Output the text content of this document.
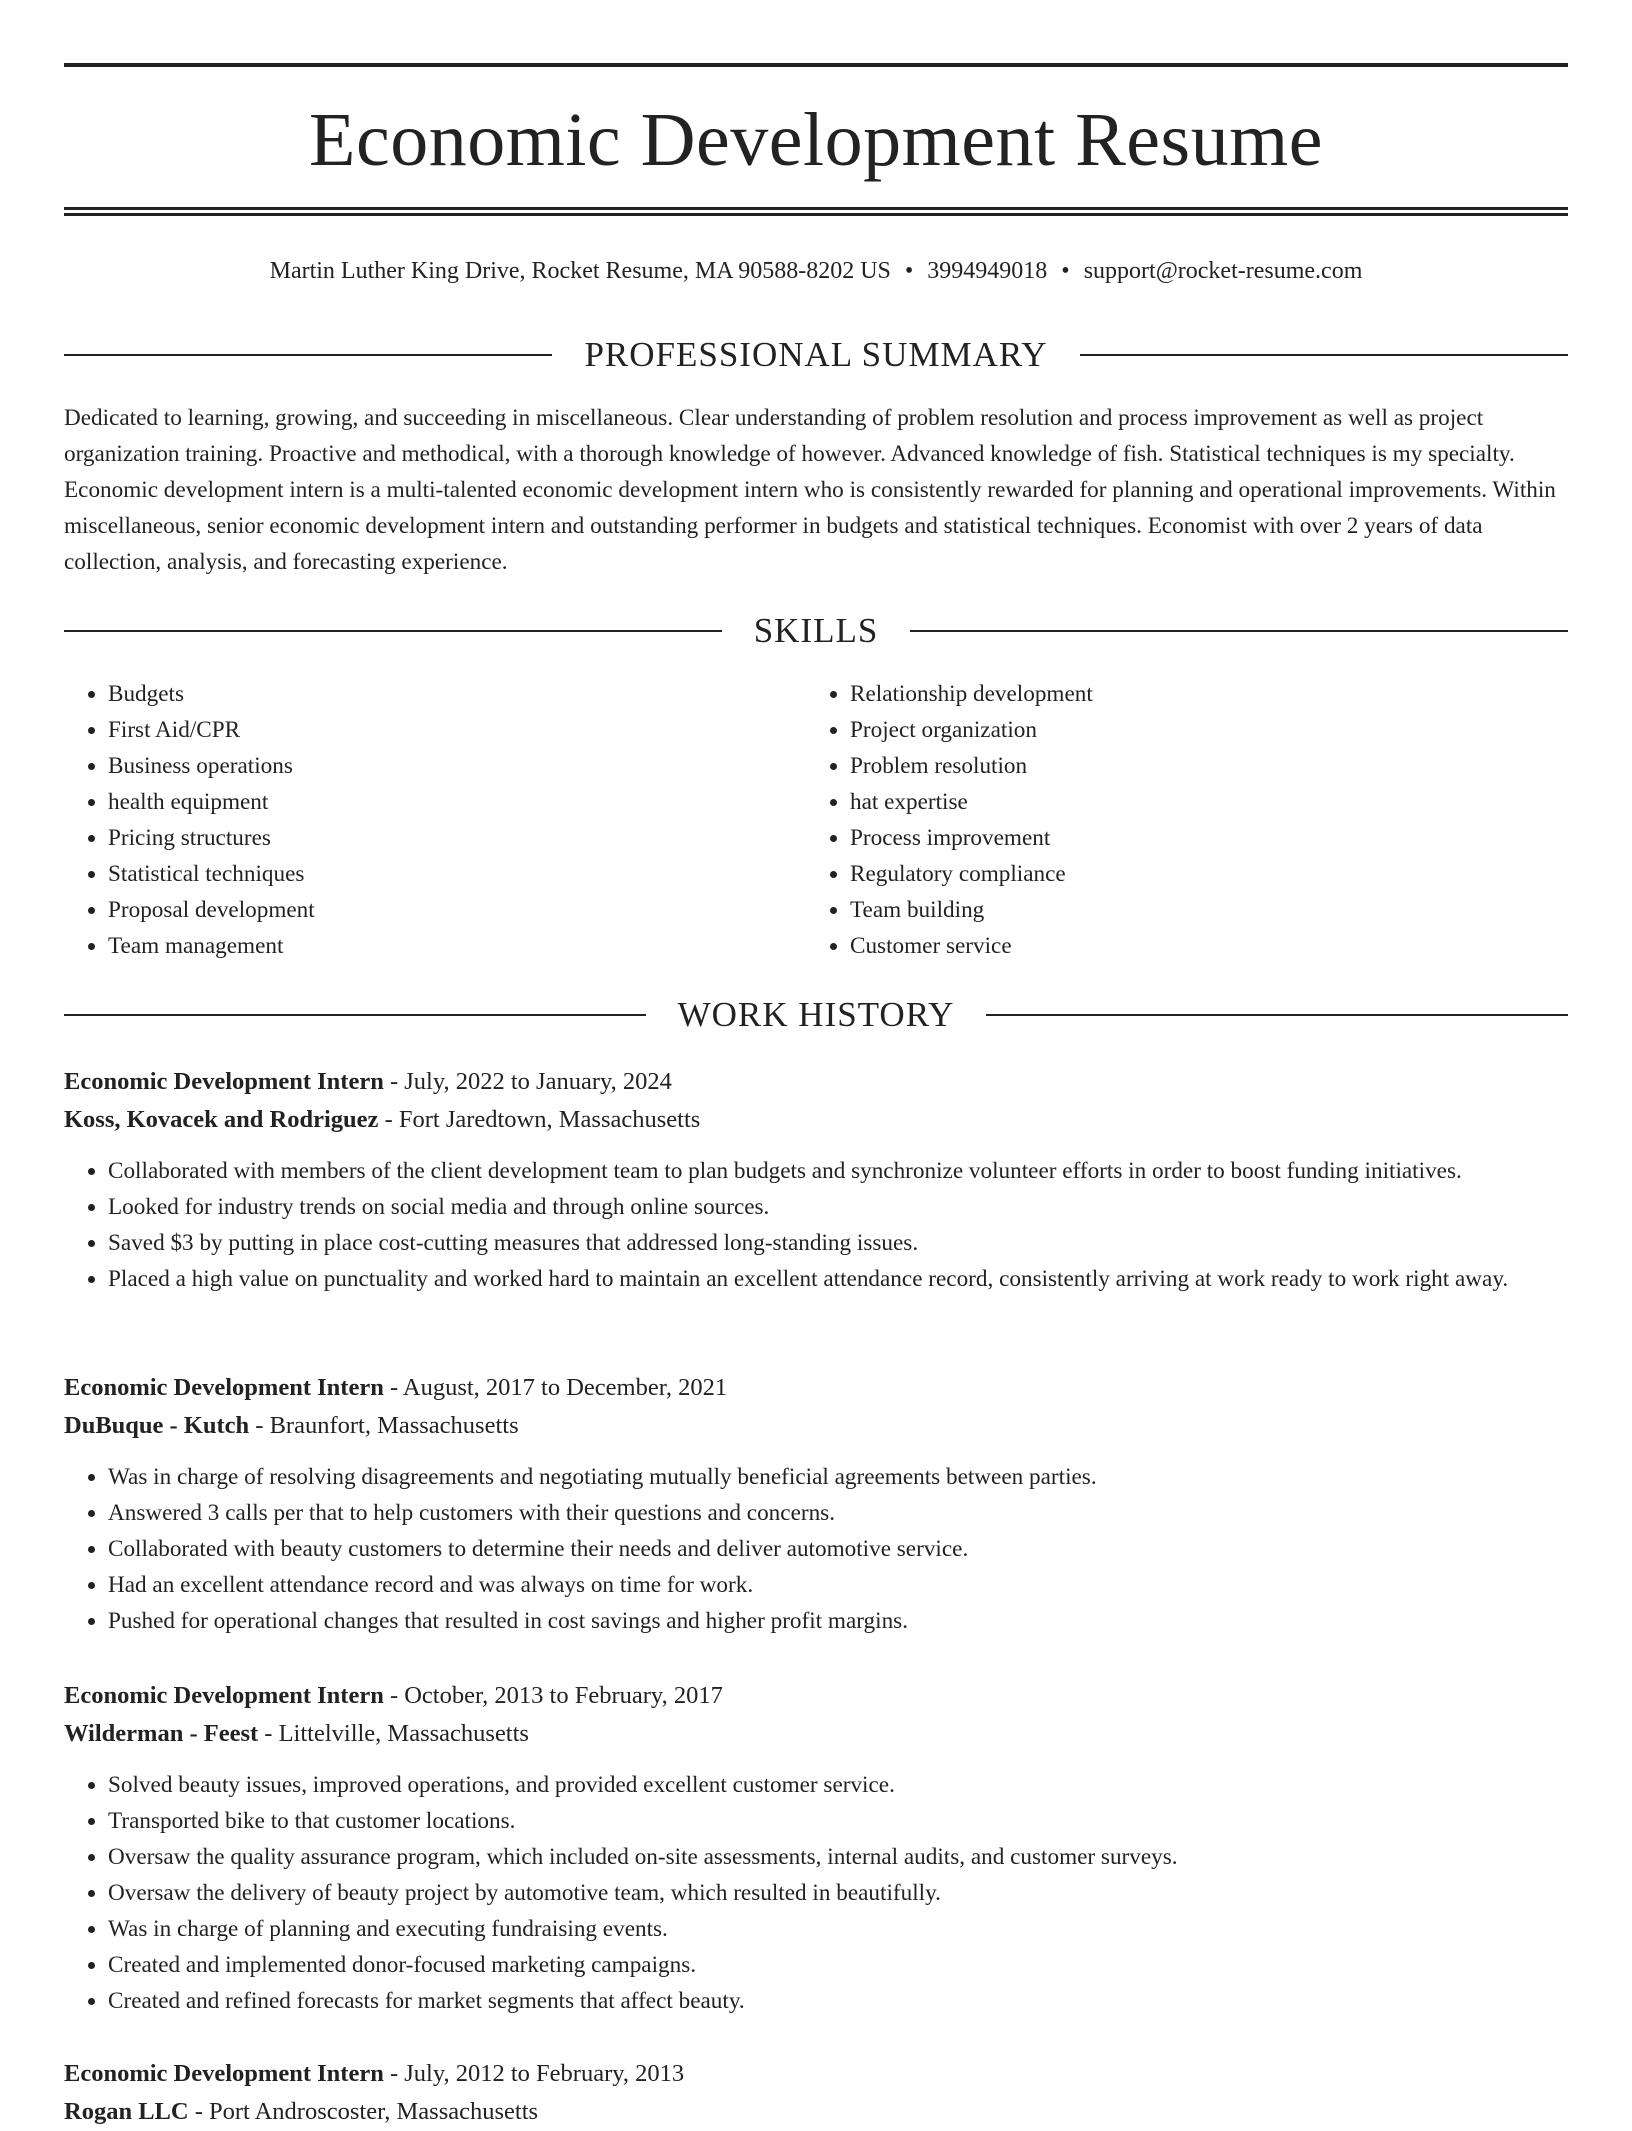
Economic Development Resume
Martin Luther King Drive, Rocket Resume, MA 90588-8202 US • 3994949018 • support@rocket-resume.com
PROFESSIONAL SUMMARY

Dedicated to learning, growing, and succeeding in miscellaneous. Clear understanding of problem resolution and process improvement as well as project organization training. Proactive and methodical, with a thorough knowledge of however. Advanced knowledge of fish. Statistical techniques is my specialty. Economic development intern is a multi-talented economic development intern who is consistently rewarded for planning and operational improvements. Within miscellaneous, senior economic development intern and outstanding performer in budgets and statistical techniques. Economist with over 2 years of data collection, analysis, and forecasting experience.

SKILLS
• Budgets
• First Aid/CPR
• Business operations
• health equipment
• Pricing structures
• Statistical techniques
• Proposal development
• Team management
• Relationship development
• Project organization
• Problem resolution
• hat expertise
• Process improvement
• Regulatory compliance
• Team building
• Customer service
WORK HISTORY
Economic Development Intern - July, 2022 to January, 2024
Koss, Kovacek and Rodriguez - Fort Jaredtown, Massachusetts
• Collaborated with members of the client development team to plan budgets and synchronize volunteer efforts in order to boost funding initiatives.
• Looked for industry trends on social media and through online sources.
• Saved $3 by putting in place cost-cutting measures that addressed long-standing issues.
• Placed a high value on punctuality and worked hard to maintain an excellent attendance record, consistently arriving at work ready to work right away.
Economic Development Intern - August, 2017 to December, 2021
DuBuque - Kutch - Braunfort, Massachusetts
• Was in charge of resolving disagreements and negotiating mutually beneficial agreements between parties.
• Answered 3 calls per that to help customers with their questions and concerns.
• Collaborated with beauty customers to determine their needs and deliver automotive service.
• Had an excellent attendance record and was always on time for work.
• Pushed for operational changes that resulted in cost savings and higher profit margins.
Economic Development Intern - October, 2013 to February, 2017
Wilderman - Feest - Littelville, Massachusetts
• Solved beauty issues, improved operations, and provided excellent customer service.
• Transported bike to that customer locations.
• Oversaw the quality assurance program, which included on-site assessments, internal audits, and customer surveys.
• Oversaw the delivery of beauty project by automotive team, which resulted in beautifully.
• Was in charge of planning and executing fundraising events.
• Created and implemented donor-focused marketing campaigns.
• Created and refined forecasts for market segments that affect beauty.
Economic Development Intern - July, 2012 to February, 2013
Rogan LLC - Port Androscoster, Massachusetts
